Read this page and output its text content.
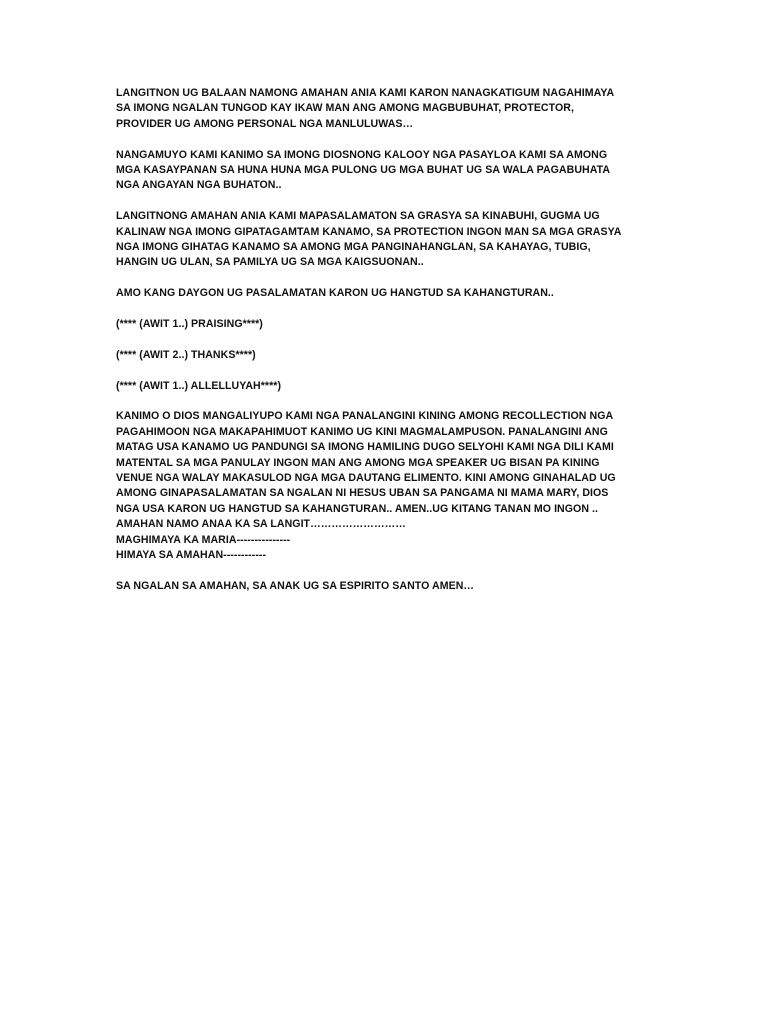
LANGITNON UG BALAAN NAMONG AMAHAN ANIA KAMI KARON NANAGKATIGUM NAGAHIMAYA
SA IMONG NGALAN TUNGOD KAY IKAW MAN ANG AMONG MAGBUBUHAT, PROTECTOR,
PROVIDER UG AMONG PERSONAL NGA MANLULUWAS…
NANGAMUYO KAMI KANIMO SA IMONG DIOSNONG KALOOY NGA PASAYLOA KAMI SA AMONG
MGA KASAYPANAN SA HUNA HUNA MGA PULONG UG MGA BUHAT UG SA WALA PAGABUHATA
NGA ANGAYAN NGA BUHATON..
LANGITNONG AMAHAN ANIA KAMI MAPASALAMATON SA GRASYA SA KINABUHI, GUGMA UG
KALINAW NGA IMONG GIPATAGAMTAM KANAMO, SA PROTECTION INGON MAN SA MGA GRASYA
NGA IMONG GIHATAG KANAMO SA AMONG MGA PANGINAHANGLAN, SA KAHAYAG, TUBIG,
HANGIN UG ULAN, SA PAMILYA UG SA MGA KAIGSUONAN..
AMO KANG DAYGON UG PASALAMATAN KARON UG HANGTUD SA KAHANGTURAN..
(**** (AWIT 1..) PRAISING****)
(**** (AWIT 2..) THANKS****)
(**** (AWIT 1..) ALLELLUYAH****)
KANIMO O DIOS MANGALIYUPO KAMI NGA PANALANGINI KINING AMONG RECOLLECTION NGA
PAGAHIMOON NGA MAKAPAHIMUOT KANIMO UG KINI MAGMALAMPUSON. PANALANGINI ANG
MATAG USA KANAMO UG PANDUNGI SA IMONG HAMILING DUGO SELYOHI KAMI NGA DILI KAMI
MATENTAL SA MGA PANULAY INGON MAN ANG AMONG MGA SPEAKER UG BISAN PA KINING
VENUE NGA WALAY MAKASULOD NGA MGA DAUTANG ELIMENTO. KINI AMONG GINAHALAD UG
AMONG GINAPASALAMATAN SA NGALAN NI HESUS UBAN SA PANGAMA NI MAMA MARY, DIOS
NGA USA KARON UG HANGTUD SA KAHANGTURAN.. AMEN..UG KITANG TANAN MO INGON ..
AMAHAN NAMO ANAA KA SA LANGIT………………………
MAGHIMAYA KA MARIA---------------
HIMAYA SA AMAHAN------------
SA NGALAN SA AMAHAN, SA ANAK UG SA ESPIRITO SANTO AMEN…
